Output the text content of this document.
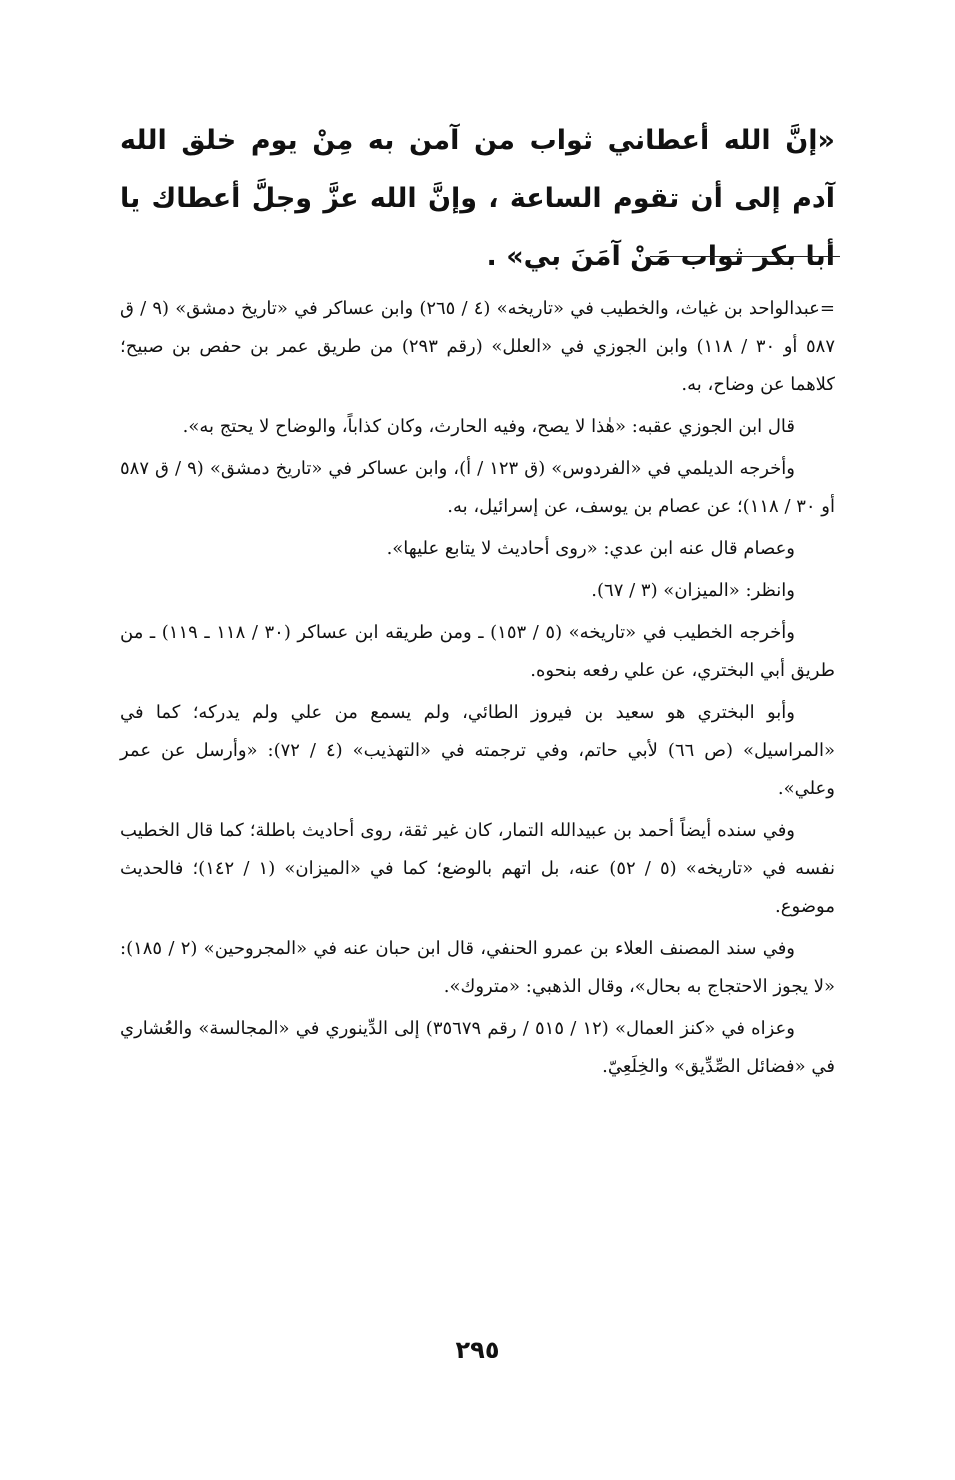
«إنَّ الله أعطاني ثواب من آمن به مِنْ يوم خلق الله آدم إلى أن تقوم الساعة ، وإنَّ الله عزَّ وجلَّ أعطاك يا أبا بكر ثواب مَنْ آمَنَ بي» .

=عبدالواحد بن غياث، والخطيب في «تاريخه» (٤ / ٢٦٥) وابن عساكر في «تاريخ دمشق» (٩ / ق ٥٨٧ أو ٣٠ / ١١٨) وابن الجوزي في «العلل» (رقم ٢٩٣) من طريق عمر بن حفص بن صبيح؛ كلاهما عن وضاح، به.

قال ابن الجوزي عقبه: «هٰذا لا يصح، وفيه الحارث، وكان كذاباً، والوضاح لا يحتج به».

وأخرجه الديلمي في «الفردوس» (ق ١٢٣ / أ)، وابن عساكر في «تاريخ دمشق» (٩ / ق ٥٨٧ أو ٣٠ / ١١٨)؛ عن عصام بن يوسف، عن إسرائيل، به.

وعصام قال عنه ابن عدي: «روى أحاديث لا يتابع عليها».

وانظر: «الميزان» (٣ / ٦٧).

وأخرجه الخطيب في «تاريخه» (٥ / ١٥٣) ـ ومن طريقه ابن عساكر (٣٠ / ١١٨ ـ ١١٩) ـ من طريق أبي البختري، عن علي رفعه بنحوه.

وأبو البختري هو سعيد بن فيروز الطائي، ولم يسمع من علي ولم يدركه؛ كما في «المراسيل» (ص ٦٦) لأبي حاتم، وفي ترجمته في «التهذيب» (٤ / ٧٢): «وأرسل عن عمر وعلي».

وفي سنده أيضاً أحمد بن عبيدالله التمار، كان غير ثقة، روى أحاديث باطلة؛ كما قال الخطيب نفسه في «تاريخه» (٥ / ٥٢) عنه، بل اتهم بالوضع؛ كما في «الميزان» (١ / ١٤٢)؛ فالحديث موضوع.

وفي سند المصنف العلاء بن عمرو الحنفي، قال ابن حبان عنه في «المجروحين» (٢ / ١٨٥): «لا يجوز الاحتجاج به بحال»، وقال الذهبي: «متروك».

وعزاه في «كنز العمال» (١٢ / ٥١٥ / رقم ٣٥٦٧٩) إلى الدِّينوري في «المجالسة» والعُشاري في «فضائل الصِّدِّيق» والخِلَعِيّ.

٢٩٥
